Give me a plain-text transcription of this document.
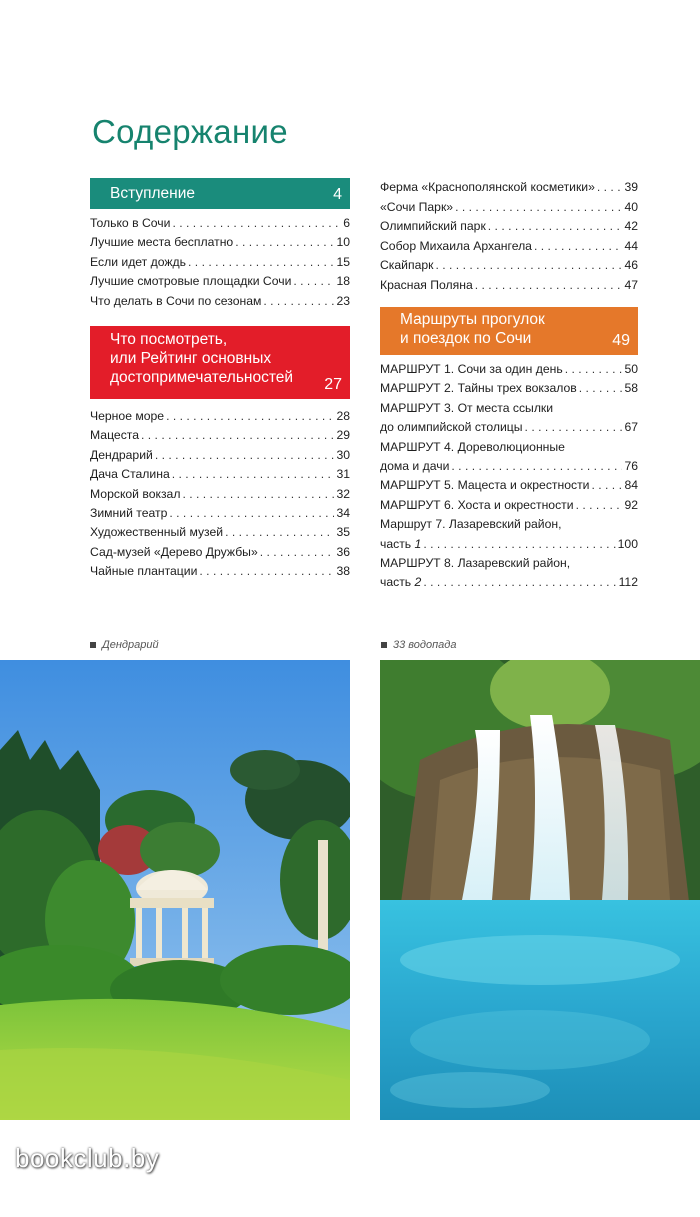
Содержание
Вступление	4
Только в Сочи . . .	6
Лучшие места бесплатно . . .	10
Если идет дождь . . .	15
Лучшие смотровые площадки Сочи . . .	18
Что делать в Сочи по сезонам . . .	23
Что посмотреть,
или Рейтинг основных
достопримечательностей	27
Черное море . . .	28
Мацеста . . .	29
Дендрарий . . .	30
Дача Сталина . . .	31
Морской вокзал . . .	32
Зимний театр . . .	34
Художественный музей . . .	35
Сад-музей «Дерево Дружбы» . . .	36
Чайные плантации . . .	38
Ферма «Краснополянской косметики» . . . 39
«Сочи Парк» . . .	40
Олимпийский парк . . .	42
Собор Михаила Архангела . . .	44
Скайпарк . . .	46
Красная Поляна . . .	47
Маршруты прогулок
и поездок по Сочи	49
МАРШРУТ 1. Сочи за один день . . .	50
МАРШРУТ 2. Тайны трех вокзалов . . .	58
МАРШРУТ 3. От места ссылки
до олимпийской столицы . . .	67
МАРШРУТ 4. Дореволюционные
дома и дачи . . .	76
МАРШРУТ 5. Мацеста и окрестности . . .	84
МАРШРУТ 6. Хоста и окрестности . . .	92
Маршрут 7. Лазаревский район,
часть 1 . . .	100
МАРШРУТ 8. Лазаревский район,
часть 2 . . .	112
Дендрарий	33 водопада
bookclub.by
